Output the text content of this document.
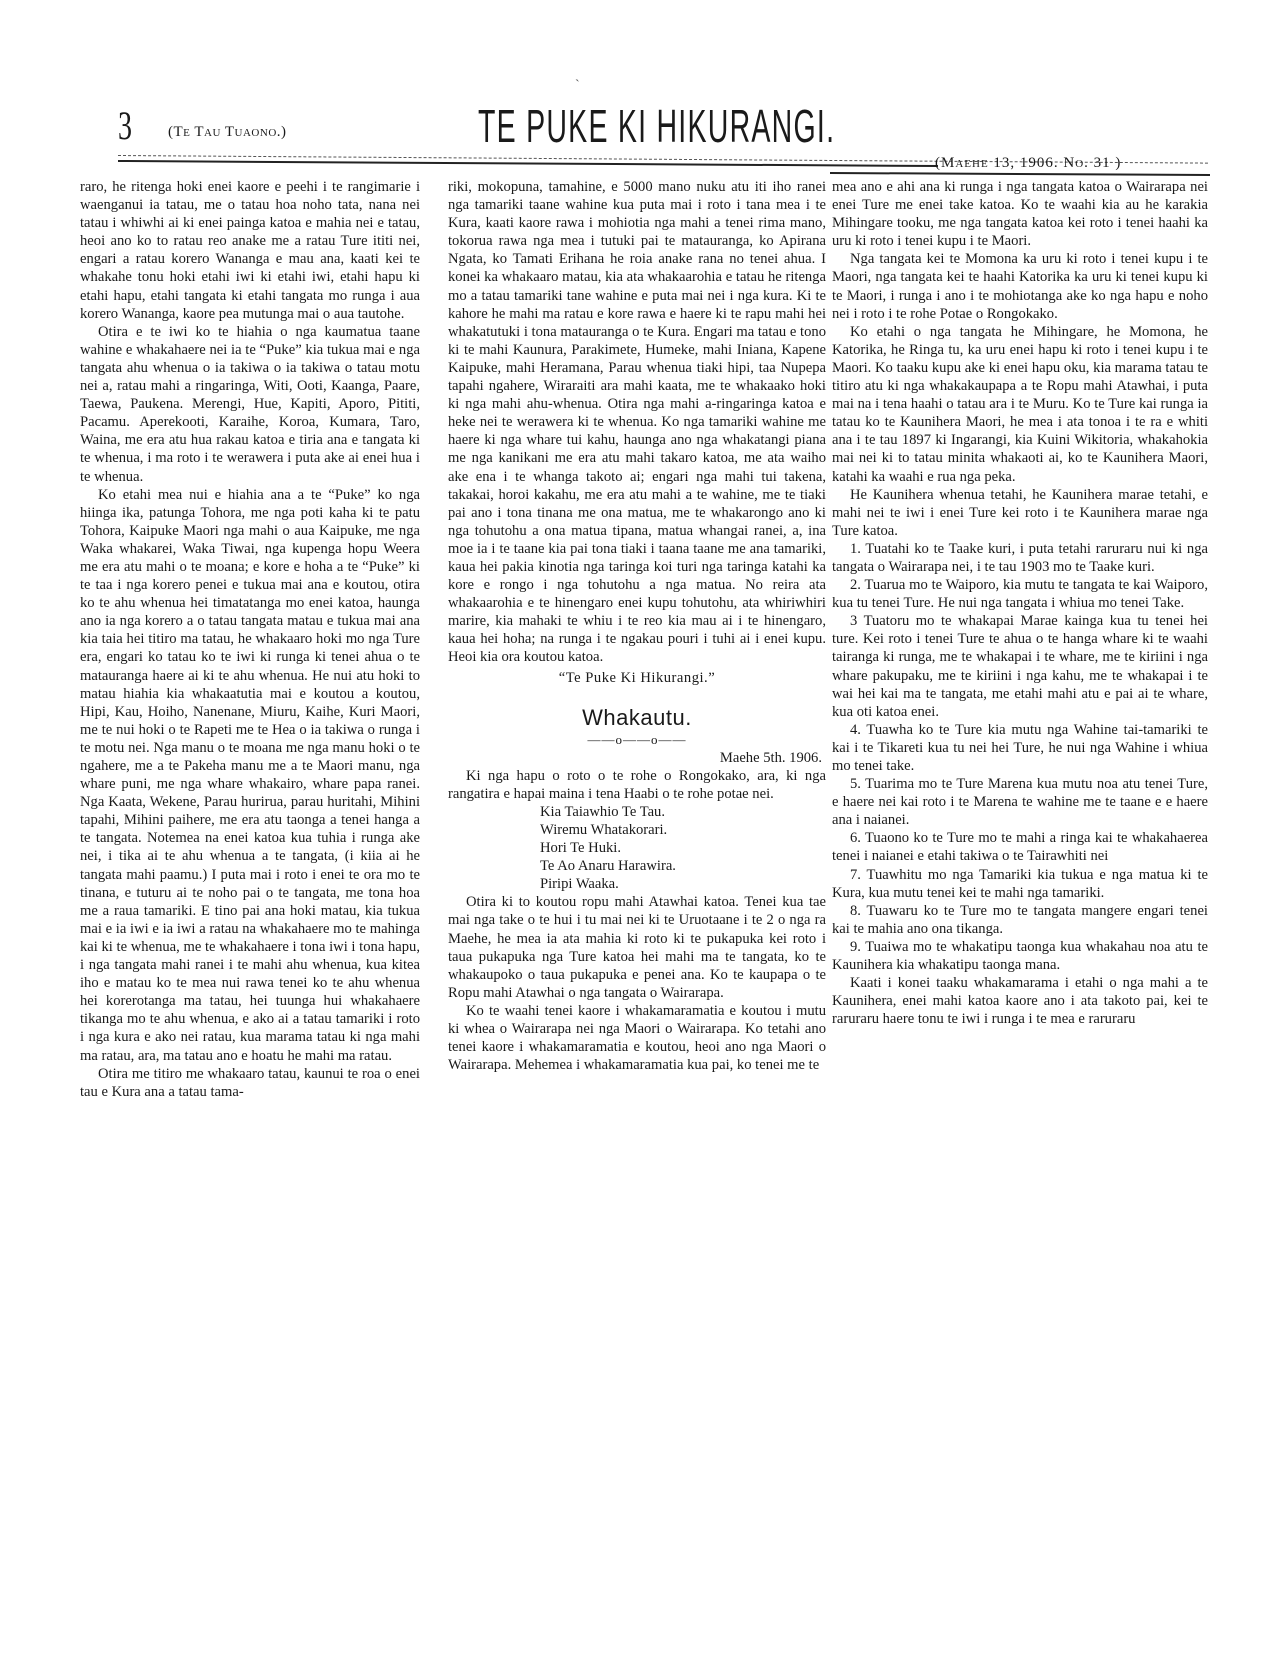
3 (Te Tau Tuaono.)	TE PUKE KI HIKURANGI.
(Maehe 13, 1906. No. 31 )
`

raro, he ritenga hoki enei kaore e peehi i te rangimarie i waenganui ia tatau, me o tatau hoa noho tata, nana nei tatau i whiwhi ai ki enei painga katoa e mahia nei e tatau, heoi ano ko to ratau reo anake me a ratau Ture ititi nei, engari a ratau korero Wananga e mau ana, kaati kei te whakahe tonu hoki etahi iwi ki etahi iwi, etahi hapu ki etahi hapu, etahi tangata ki etahi tangata mo runga i aua korero Wananga, kaore pea mutunga mai o aua tautohe.

Otira e te iwi ko te hiahia o nga kaumatua taane wahine e whakahaere nei ia te “Puke” kia tukua mai e nga tangata ahu whenua o ia takiwa o ia takiwa o tatau motu nei a, ratau mahi a ringaringa, Witi, Ooti, Kaanga, Paare, Taewa, Paukena. Merengi, Hue, Kapiti, Aporo, Pititi, Pacamu. Aperekooti, Karaihe, Koroa, Kumara, Taro, Waina, me era atu hua rakau katoa e tiria ana e tangata ki te whenua, i ma roto i te werawera i puta ake ai enei hua i te whenua.

Ko etahi mea nui e hiahia ana a te “Puke” ko nga hiinga ika, patunga Tohora, me nga poti kaha ki te patu Tohora, Kaipuke Maori nga mahi o aua Kaipuke, me nga Waka whakarei, Waka Tiwai, nga kupenga hopu Weera me era atu mahi o te moana; e kore e hoha a te “Puke” ki te taa i nga korero penei e tukua mai ana e koutou, otira ko te ahu whenua hei timatatanga mo enei katoa, haunga ano ia nga korero a o tatau tangata matau e tukua mai ana kia taia hei titiro ma tatau, he whakaaro hoki mo nga Ture era, engari ko tatau ko te iwi ki runga ki tenei ahua o te matauranga haere ai ki te ahu whenua. He nui atu hoki to matau hiahia kia whakaatutia mai e koutou a koutou, Hipi, Kau, Hoiho, Nanenane, Miuru, Kaihe, Kuri Maori, me te nui hoki o te Rapeti me te Hea o ia takiwa o runga i te motu nei. Nga manu o te moana me nga manu hoki o te ngahere, me a te Pakeha manu me a te Maori manu, nga whare puni, me nga whare whakairo, whare papa ranei. Nga Kaata, Wekene, Parau hurirua, parau huritahi, Mihini tapahi, Mihini paihere, me era atu taonga a tenei hanga a te tangata. Notemea na enei katoa kua tuhia i runga ake nei, i tika ai te ahu whenua a te tangata, (i kiia ai he tangata mahi paamu.) I puta mai i roto i enei te ora mo te tinana, e tuturu ai te noho pai o te tangata, me tona hoa me a raua tamariki. E tino pai ana hoki matau, kia tukua mai e ia iwi e ia iwi a ratau na whakahaere mo te mahinga kai ki te whenua, me te whakahaere i tona iwi i tona hapu, i nga tangata mahi ranei i te mahi ahu whenua, kua kitea iho e matau ko te mea nui rawa tenei ko te ahu whenua hei korerotanga ma tatau, hei tuunga hui whakahaere tikanga mo te ahu whenua, e ako ai a tatau tamariki i roto i nga kura e ako nei ratau, kua marama tatau ki nga mahi ma ratau, ara, ma tatau ano e hoatu he mahi ma ratau.

Otira me titiro me whakaaro tatau, kaunui te roa o enei tau e Kura ana a tatau tama-

riki, mokopuna, tamahine, e 5000 mano nuku atu iti iho ranei nga tamariki taane wahine kua puta mai i roto i tana mea i te Kura, kaati kaore rawa i mohiotia nga mahi a tenei rima mano, tokorua rawa nga mea i tutuki pai te matauranga, ko Apirana Ngata, ko Tamati Erihana he roia anake rana no tenei ahua. I konei ka whakaaro matau, kia ata whakaarohia e tatau he ritenga mo a tatau tamariki tane wahine e puta mai nei i nga kura. Ki te kahore he mahi ma ratau e kore rawa e haere ki te rapu mahi hei whakatutuki i tona matauranga o te Kura. Engari ma tatau e tono ki te mahi Kaunura, Parakimete, Humeke, mahi Iniana, Kapene Kaipuke, mahi Heramana, Parau whenua tiaki hipi, taa Nupepa tapahi ngahere, Wiraraiti ara mahi kaata, me te whakaako hoki ki nga mahi ahu-whenua. Otira nga mahi a-ringaringa katoa e heke nei te werawera ki te whenua. Ko nga tamariki wahine me haere ki nga whare tui kahu, haunga ano nga whakatangi piana me nga kanikani me era atu mahi takaro katoa, me ata waiho ake ena i te whanga takoto ai; engari nga mahi tui takena, takakai, horoi kakahu, me era atu mahi a te wahine, me te tiaki pai ano i tona tinana me ona matua, me te whakarongo ano ki nga tohutohu a ona matua tipana, matua whangai ranei, a, ina moe ia i te taane kia pai tona tiaki i taana taane me ana tamariki, kaua hei pakia kinotia nga taringa koi turi nga taringa katahi ka kore e rongo i nga tohutohu a nga matua. No reira ata whakaarohia e te hinengaro enei kupu tohutohu, ata whiriwhiri marire, kia mahaki te whiu i te reo kia mau ai i te hinengaro, kaua hei hoha; na runga i te ngakau pouri i tuhi ai i enei kupu. Heoi kia ora koutou katoa.

“Te Puke Ki Hikurangi.”

Whakautu.
——o——o——

Maehe 5th. 1906.

Ki nga hapu o roto o te rohe o Rongokako, ara, ki nga rangatira e hapai maina i tena Haabi o te rohe potae nei.

Kia Taiawhio Te Tau.
Wiremu Whatakorari.
Hori Te Huki.
Te Ao Anaru Harawira.
Piripi Waaka.

Otira ki to koutou ropu mahi Atawhai katoa. Tenei kua tae mai nga take o te hui i tu mai nei ki te Uruotaane i te 2 o nga ra Maehe, he mea ia ata mahia ki roto ki te pukapuka kei roto i taua pukapuka nga Ture katoa hei mahi ma te tangata, ko te whakaupoko o taua pukapuka e penei ana. Ko te kaupapa o te Ropu mahi Atawhai o nga tangata o Wairarapa.

Ko te waahi tenei kaore i whakamaramatia e koutou i mutu ki whea o Wairarapa nei nga Maori o Wairarapa. Ko tetahi ano tenei kaore i whakamaramatia e koutou, heoi ano nga Maori o Wairarapa. Mehemea i whakamaramatia kua pai, ko tenei me te

mea ano e ahi ana ki runga i nga tangata katoa o Wairarapa nei enei Ture me enei take katoa. Ko te waahi kia au he karakia Mihingare tooku, me nga tangata katoa kei roto i tenei haahi ka uru ki roto i tenei kupu i te Maori.

Nga tangata kei te Momona ka uru ki roto i tenei kupu i te Maori, nga tangata kei te haahi Katorika ka uru ki tenei kupu ki te Maori, i runga i ano i te mohiotanga ake ko nga hapu e noho nei i roto i te rohe Potae o Rongokako.

Ko etahi o nga tangata he Mihingare, he Momona, he Katorika, he Ringa tu, ka uru enei hapu ki roto i tenei kupu i te Maori. Ko taaku kupu ake ki enei hapu oku, kia marama tatau te titiro atu ki nga whakakaupapa a te Ropu mahi Atawhai, i puta mai na i tena haahi o tatau ara i te Muru. Ko te Ture kai runga ia tatau ko te Kaunihera Maori, he mea i ata tonoa i te ra e whiti ana i te tau 1897 ki Ingarangi, kia Kuini Wikitoria, whakahokia mai nei ki to tatau minita whakaoti ai, ko te Kaunihera Maori, katahi ka waahi e rua nga peka.

He Kaunihera whenua tetahi, he Kaunihera marae tetahi, e mahi nei te iwi i enei Ture kei roto i te Kaunihera marae nga Ture katoa.

1. Tuatahi ko te Taake kuri, i puta tetahi raruraru nui ki nga tangata o Wairarapa nei, i te tau 1903 mo te Taake kuri.

2. Tuarua mo te Waiporo, kia mutu te tangata te kai Waiporo, kua tu tenei Ture. He nui nga tangata i whiua mo tenei Take.

3 Tuatoru mo te whakapai Marae kainga kua tu tenei hei ture. Kei roto i tenei Ture te ahua o te hanga whare ki te waahi tairanga ki runga, me te whakapai i te whare, me te kiriini i nga whare pakupaku, me te kiriini i nga kahu, me te whakapai i te wai hei kai ma te tangata, me etahi mahi atu e pai ai te whare, kua oti katoa enei.

4. Tuawha ko te Ture kia mutu nga Wahine tai-tamariki te kai i te Tikareti kua tu nei hei Ture, he nui nga Wahine i whiua mo tenei take.

5. Tuarima mo te Ture Marena kua mutu noa atu tenei Ture, e haere nei kai roto i te Marena te wahine me te taane e e haere ana i naianei.

6. Tuaono ko te Ture mo te mahi a ringa kai te whakahaerea tenei i naianei e etahi takiwa o te Tairawhiti nei

7. Tuawhitu mo nga Tamariki kia tukua e nga matua ki te Kura, kua mutu tenei kei te mahi nga tamariki.

8. Tuawaru ko te Ture mo te tangata mangere engari tenei kai te mahia ano ona tikanga.

9. Tuaiwa mo te whakatipu taonga kua whakahau noa atu te Kaunihera kia whakatipu taonga mana.

Kaati i konei taaku whakamarama i etahi o nga mahi a te Kaunihera, enei mahi katoa kaore ano i ata takoto pai, kei te raruraru haere tonu te iwi i runga i te mea e raruraru
